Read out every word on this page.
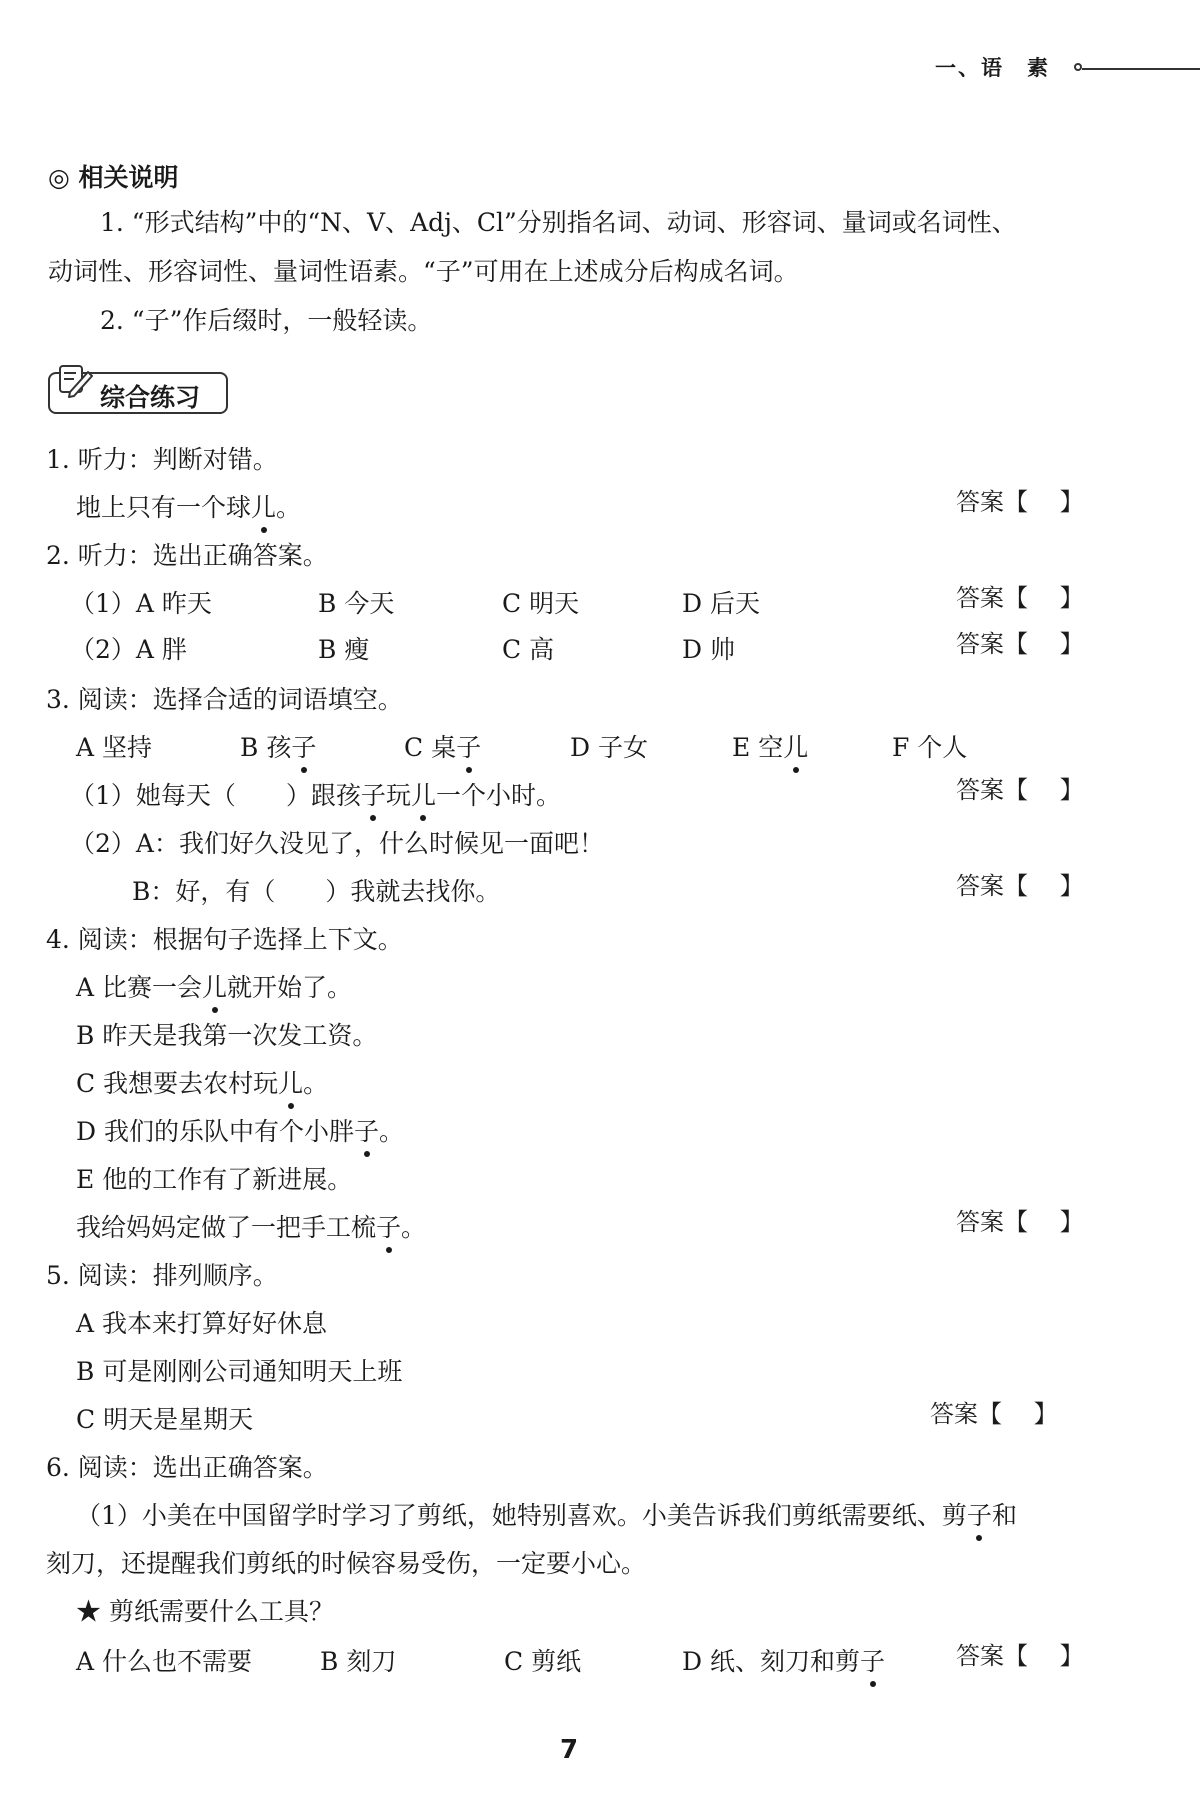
一、语　素
◎ 相关说明
1. “形式结构”中的“N、V、Adj、Cl”分别指名词、动词、形容词、量词或名词性、
动词性、形容词性、量词性语素。“子”可用在上述成分后构成名词。
2. “子”作后缀时，一般轻读。
综合练习
1. 听力：判断对错。
地上只有一个球儿。	答案【　 】
2. 听力：选出正确答案。
（1）A 昨天	B 今天	C 明天	D 后天	答案【　 】
（2）A 胖	B 瘦	C 高	D 帅	答案【　 】
3. 阅读：选择合适的词语填空。
A 坚持	B 孩子	C 桌子	D 子女	E 空儿	F 个人
（1）她每天（　　）跟孩子玩儿一个小时。	答案【　 】
（2）A：我们好久没见了，什么时候见一面吧！
B：好，有（　　）我就去找你。	答案【　 】
4. 阅读：根据句子选择上下文。
A 比赛一会儿就开始了。
B 昨天是我第一次发工资。
C 我想要去农村玩儿。
D 我们的乐队中有个小胖子。
E 他的工作有了新进展。
我给妈妈定做了一把手工梳子。	答案【　 】
5. 阅读：排列顺序。
A 我本来打算好好休息
B 可是刚刚公司通知明天上班
C 明天是星期天	答案【　 】
6. 阅读：选出正确答案。
（1）小美在中国留学时学习了剪纸，她特别喜欢。小美告诉我们剪纸需要纸、剪子和
刻刀，还提醒我们剪纸的时候容易受伤，一定要小心。
★ 剪纸需要什么工具？
A 什么也不需要	B 刻刀	C 剪纸	D 纸、刻刀和剪子	答案【　 】
7
